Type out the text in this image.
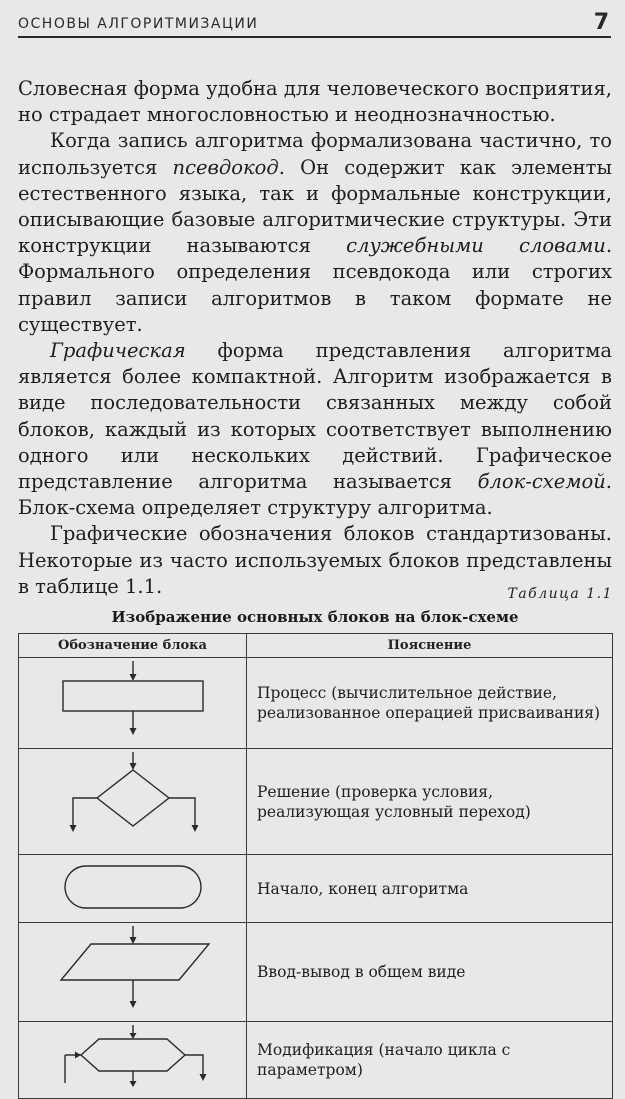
ОСНОВЫ АЛГОРИТМИЗАЦИИ	7

Словесная форма удобна для человеческого восприятия, но страдает многословностью и неоднозначностью.

Когда запись алгоритма формализована частично, то используется псевдокод. Он содержит как элементы естественного языка, так и формальные конструкции, описывающие базовые алгоритмические структуры. Эти конструкции называются служебными словами. Формального определения псевдокода или строгих правил записи алгоритмов в таком формате не существует.

Графическая форма представления алгоритма является более компактной. Алгоритм изображается в виде последовательности связанных между собой блоков, каждый из которых соответствует выполнению одного или нескольких действий. Графическое представление алгоритма называется блок-схемой. Блок-схема определяет структуру алгоритма.

Графические обозначения блоков стандартизованы. Некоторые из часто используемых блоков представлены в таблице 1.1.	Таблица 1.1
Изображение основных блоков на блок-схеме
Обозначение блока	Пояснение

	Процесс (вычислительное действие, реализованное операцией присваивания)

	Решение (проверка условия, реализующая условный переход)

	Начало, конец алгоритма

	Ввод-вывод в общем виде

	Модификация (начало цикла с параметром)
